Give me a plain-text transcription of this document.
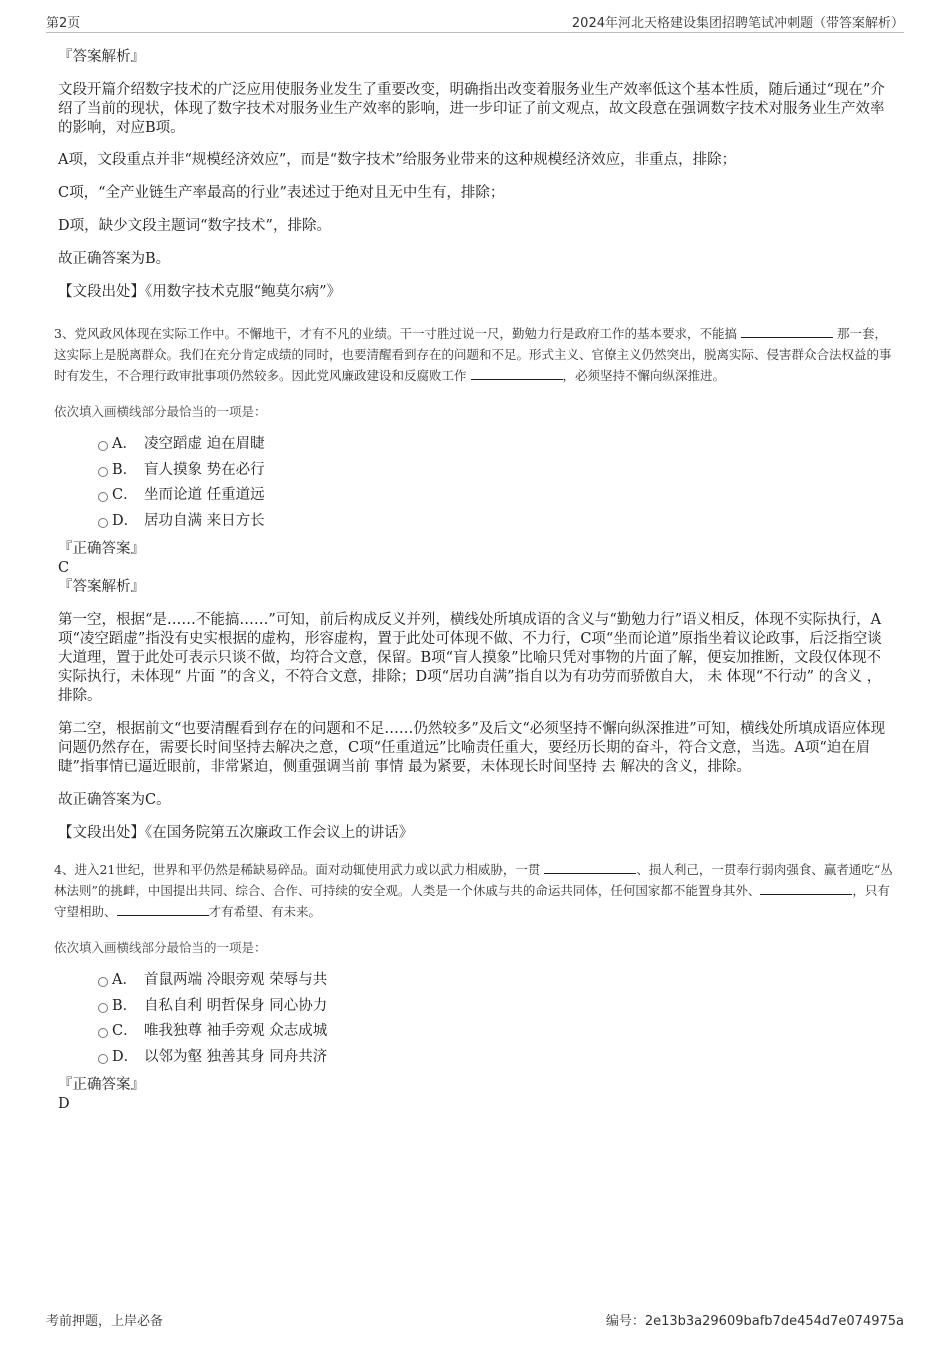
第2页	2024年河北天格建设集团招聘笔试冲刺题（带答案解析）

『答案解析』

文段开篇介绍数字技术的广泛应用使服务业发生了重要改变，明确指出改变着服务业生产效率低这个基本性质，随后通过“现在”介绍了当前的现状，体现了数字技术对服务业生产效率的影响，进一步印证了前文观点，故文段意在强调数字技术对服务业生产效率的影响，对应B项。

A项，文段重点并非“规模经济效应”，而是“数字技术”给服务业带来的这种规模经济效应，非重点，排除；

C项，“全产业链生产率最高的行业”表述过于绝对且无中生有，排除；

D项，缺少文段主题词“数字技术”，排除。

故正确答案为B。

【文段出处】《用数字技术克服“鲍莫尔病”》

3、党风政风体现在实际工作中。不懈地干，才有不凡的业绩。干一寸胜过说一尺，勤勉力行是政府工作的基本要求，不能搞	那一套，这实际上是脱离群众。我们在充分肯定成绩的同时，也要清醒看到存在的问题和不足。形式主义、官僚主义仍然突出，脱离实际、侵害群众合法权益的事时有发生，不合理行政审批事项仍然较多。因此党风廉政建设和反腐败工作	，必须坚持不懈向纵深推进。

依次填入画横线部分最恰当的一项是：

A． 凌空蹈虚 迫在眉睫
B． 盲人摸象 势在必行
C． 坐而论道 任重道远
D． 居功自满 来日方长

『正确答案』

C

『答案解析』

第一空，根据“是……不能搞……”可知，前后构成反义并列，横线处所填成语的含义与“勤勉力行”语义相反，体现不实际执行，A项“凌空蹈虚”指没有史实根据的虚构，形容虚构，置于此处可体现不做、不力行，C项“坐而论道”原指坐着议论政事，后泛指空谈大道理，置于此处可表示只谈不做，均符合文意，保留。B项“盲人摸象”比喻只凭对事物的片面了解，便妄加推断，文段仅体现不实际执行，未体现“ 片面 ”的含义，不符合文意，排除；D项“居功自满”指自以为有功劳而骄傲自大， 未 体现“不行动” 的含义 ，排除。

第二空，根据前文“也要清醒看到存在的问题和不足……仍然较多”及后文“必须坚持不懈向纵深推进”可知，横线处所填成语应体现问题仍然存在，需要长时间坚持去解决之意，C项“任重道远”比喻责任重大，要经历长期的奋斗，符合文意，当选。A项“迫在眉睫”指事情已逼近眼前，非常紧迫，侧重强调当前 事情 最为紧要，未体现长时间坚持 去 解决的含义，排除。

故正确答案为C。

【文段出处】《在国务院第五次廉政工作会议上的讲话》

4、进入21世纪，世界和平仍然是稀缺易碎品。面对动辄使用武力或以武力相威胁，一贯	、损人利己，一贯奉行弱肉强食、赢者通吃“丛林法则”的挑衅，中国提出共同、综合、合作、可持续的安全观。人类是一个休戚与共的命运共同体，任何国家都不能置身其外、	，只有守望相助、	才有希望、有未来。

依次填入画横线部分最恰当的一项是：

A． 首鼠两端 冷眼旁观 荣辱与共
B． 自私自利 明哲保身 同心协力
C． 唯我独尊 袖手旁观 众志成城
D． 以邻为壑 独善其身 同舟共济

『正确答案』

D

考前押题，上岸必备	编号：2e13b3a29609bafb7de454d7e074975a
